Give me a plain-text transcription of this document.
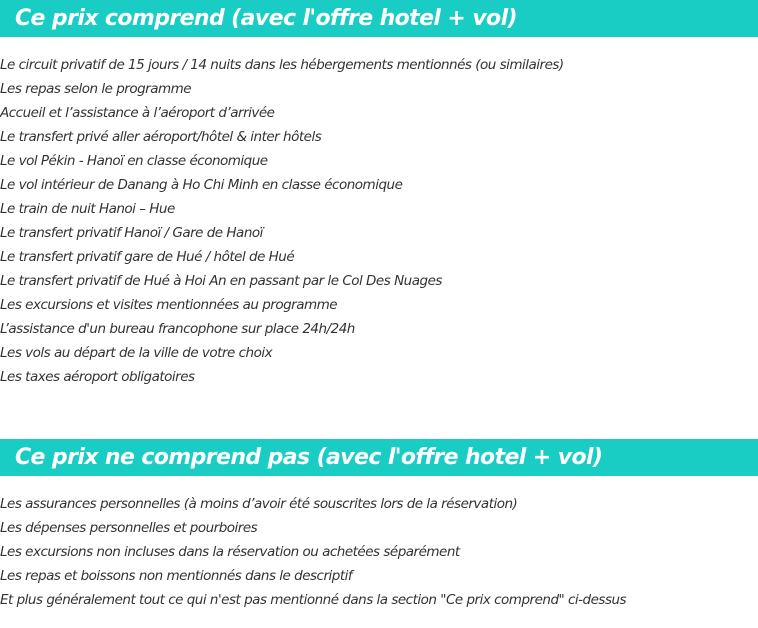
Ce prix comprend (avec l'offre hotel + vol)
Le circuit privatif de 15 jours / 14 nuits dans les hébergements mentionnés (ou similaires)
Les repas selon le programme
Accueil et l’assistance à l’aéroport d’arrivée
Le transfert privé aller aéroport/hôtel & inter hôtels
Le vol Pékin - Hanoï en classe économique
Le vol intérieur de Danang à Ho Chi Minh en classe économique
Le train de nuit Hanoi – Hue
Le transfert privatif Hanoï / Gare de Hanoï
Le transfert privatif gare de Hué / hôtel de Hué
Le transfert privatif de Hué à Hoi An en passant par le Col Des Nuages
Les excursions et visites mentionnées au programme
L’assistance d'un bureau francophone sur place 24h/24h
Les vols au départ de la ville de votre choix
Les taxes aéroport obligatoires
Ce prix ne comprend pas (avec l'offre hotel + vol)
Les assurances personnelles (à moins d’avoir été souscrites lors de la réservation)
Les dépenses personnelles et pourboires
Les excursions non incluses dans la réservation ou achetées séparément
Les repas et boissons non mentionnés dans le descriptif
Et plus généralement tout ce qui n'est pas mentionné dans la section "Ce prix comprend" ci-dessus
